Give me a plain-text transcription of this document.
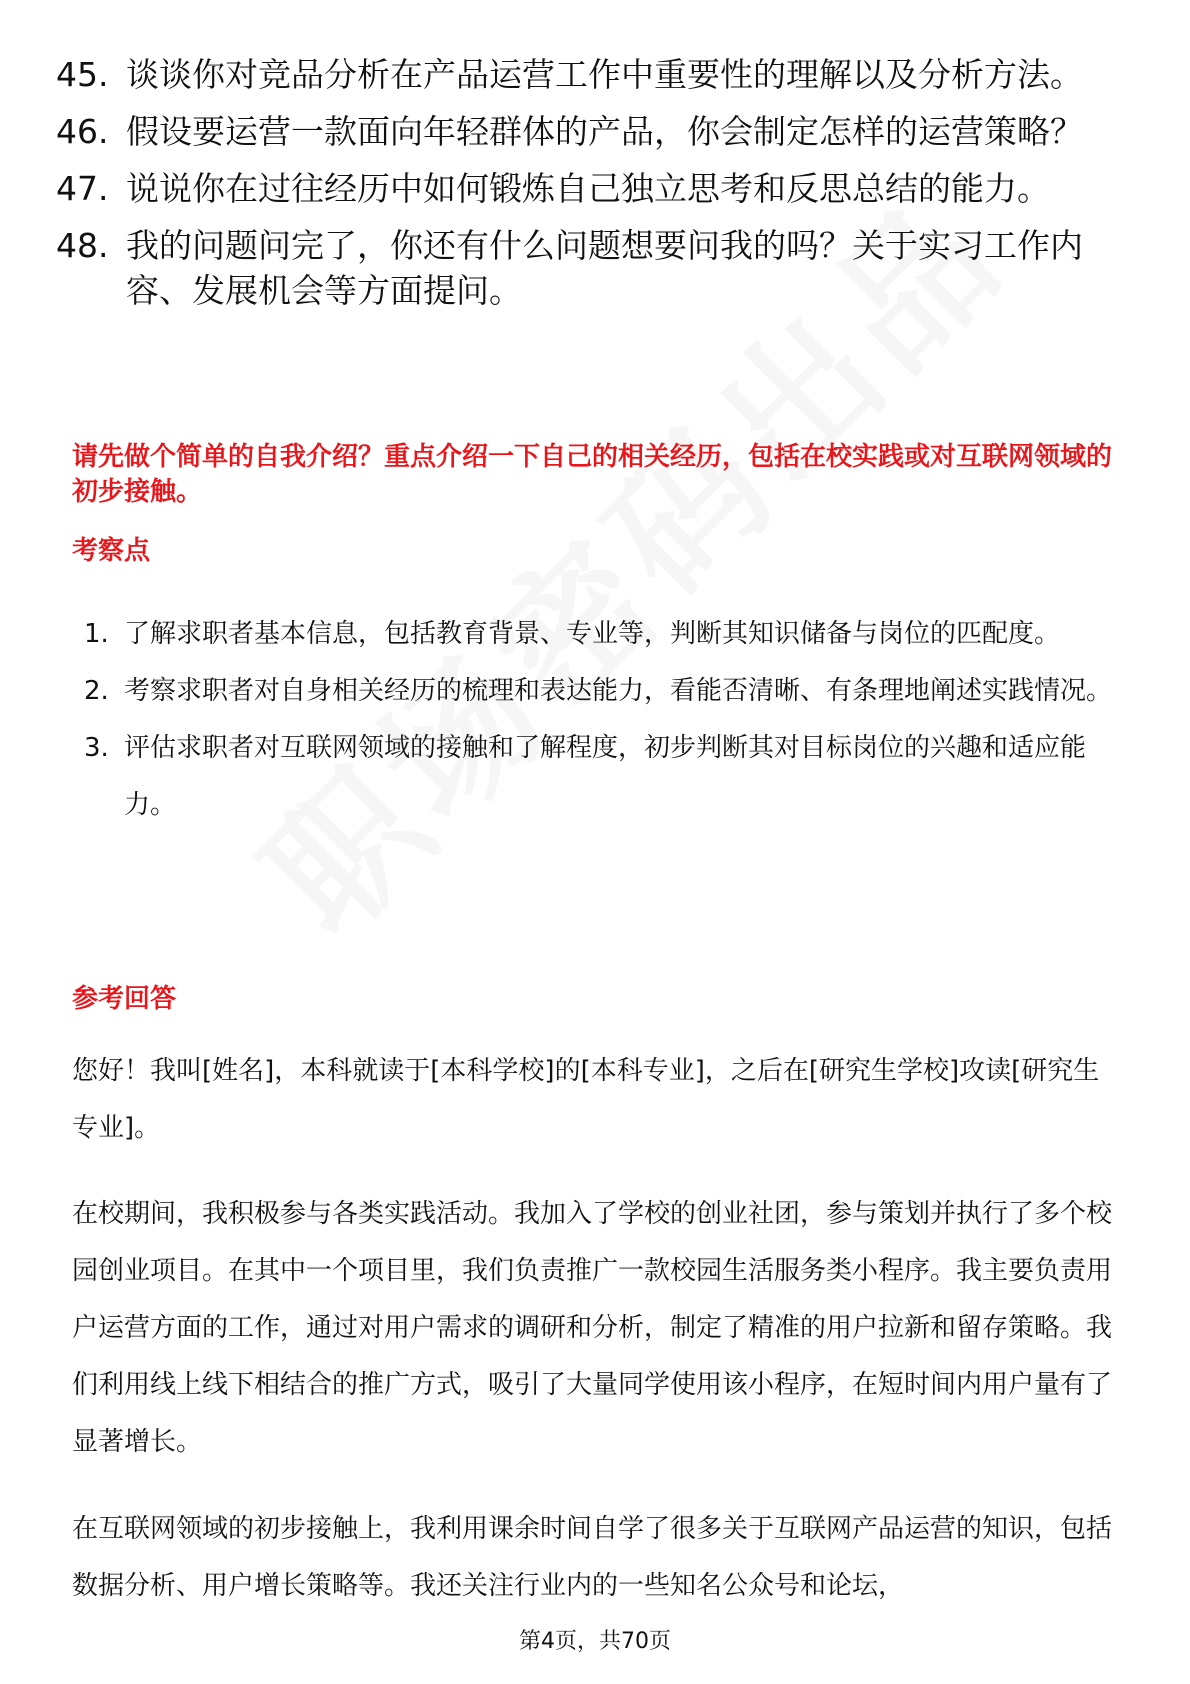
45. 谈谈你对竞品分析在产品运营工作中重要性的理解以及分析方法。
46. 假设要运营一款面向年轻群体的产品，你会制定怎样的运营策略？
47. 说说你在过往经历中如何锻炼自己独立思考和反思总结的能力。
48. 我的问题问完了，你还有什么问题想要问我的吗？关于实习工作内容、发展机会等方面提问。
请先做个简单的自我介绍？重点介绍一下自己的相关经历，包括在校实践或对互联网领域的初步接触。
考察点
1. 了解求职者基本信息，包括教育背景、专业等，判断其知识储备与岗位的匹配度。
2. 考察求职者对自身相关经历的梳理和表达能力，看能否清晰、有条理地阐述实践情况。
3. 评估求职者对互联网领域的接触和了解程度，初步判断其对目标岗位的兴趣和适应能力。
参考回答

您好！我叫[姓名]，本科就读于[本科学校]的[本科专业]，之后在[研究生学校]攻读[研究生专业]。

在校期间，我积极参与各类实践活动。我加入了学校的创业社团，参与策划并执行了多个校园创业项目。在其中一个项目里，我们负责推广一款校园生活服务类小程序。我主要负责用户运营方面的工作，通过对用户需求的调研和分析，制定了精准的用户拉新和留存策略。我们利用线上线下相结合的推广方式，吸引了大量同学使用该小程序，在短时间内用户量有了显著增长。

在互联网领域的初步接触上，我利用课余时间自学了很多关于互联网产品运营的知识，包括数据分析、用户增长策略等。我还关注行业内的一些知名公众号和论坛，

第4页，共70页
